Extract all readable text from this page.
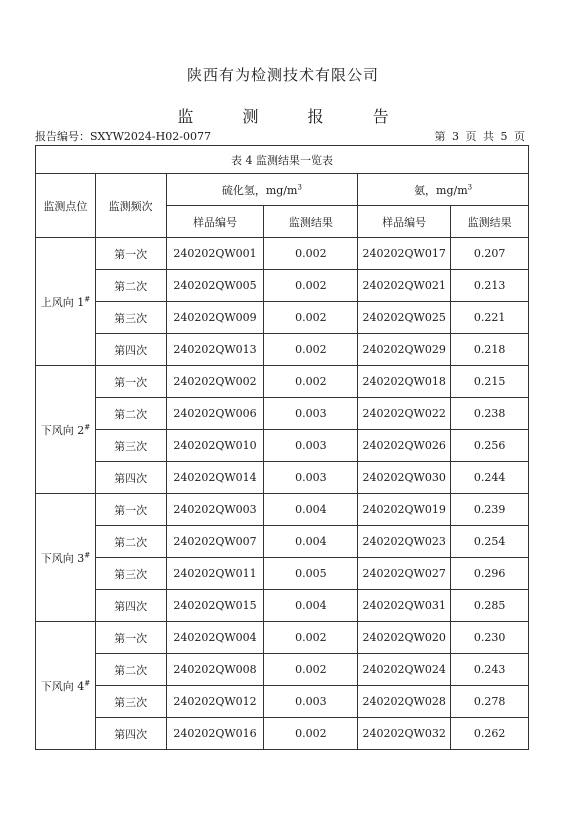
陕西有为检测技术有限公司
监 测 报 告
报告编号：SXYW2024-H02-0077	第 3 页 共 5 页
表 4 监测结果一览表					
监测点位	监测频次	硫化氢，$mg/m^3$		氨，$mg/m^3$
		样品编号	监测结果	样品编号	监测结果
上风向 1#	第一次	240202QW001	0.002	240202QW017	0.207
	第二次	240202QW005	0.002	240202QW021	0.213
	第三次	240202QW009	0.002	240202QW025	0.221
	第四次	240202QW013	0.002	240202QW029	0.218
下风向 2#	第一次	240202QW002	0.002	240202QW018	0.215
	第二次	240202QW006	0.003	240202QW022	0.238
	第三次	240202QW010	0.003	240202QW026	0.256
	第四次	240202QW014	0.003	240202QW030	0.244
下风向 3#	第一次	240202QW003	0.004	240202QW019	0.239
	第二次	240202QW007	0.004	240202QW023	0.254
	第三次	240202QW011	0.005	240202QW027	0.296
	第四次	240202QW015	0.004	240202QW031	0.285
下风向 4#	第一次	240202QW004	0.002	240202QW020	0.230
	第二次	240202QW008	0.002	240202QW024	0.243
	第三次	240202QW012	0.003	240202QW028	0.278
	第四次	240202QW016	0.002	240202QW032	0.262
